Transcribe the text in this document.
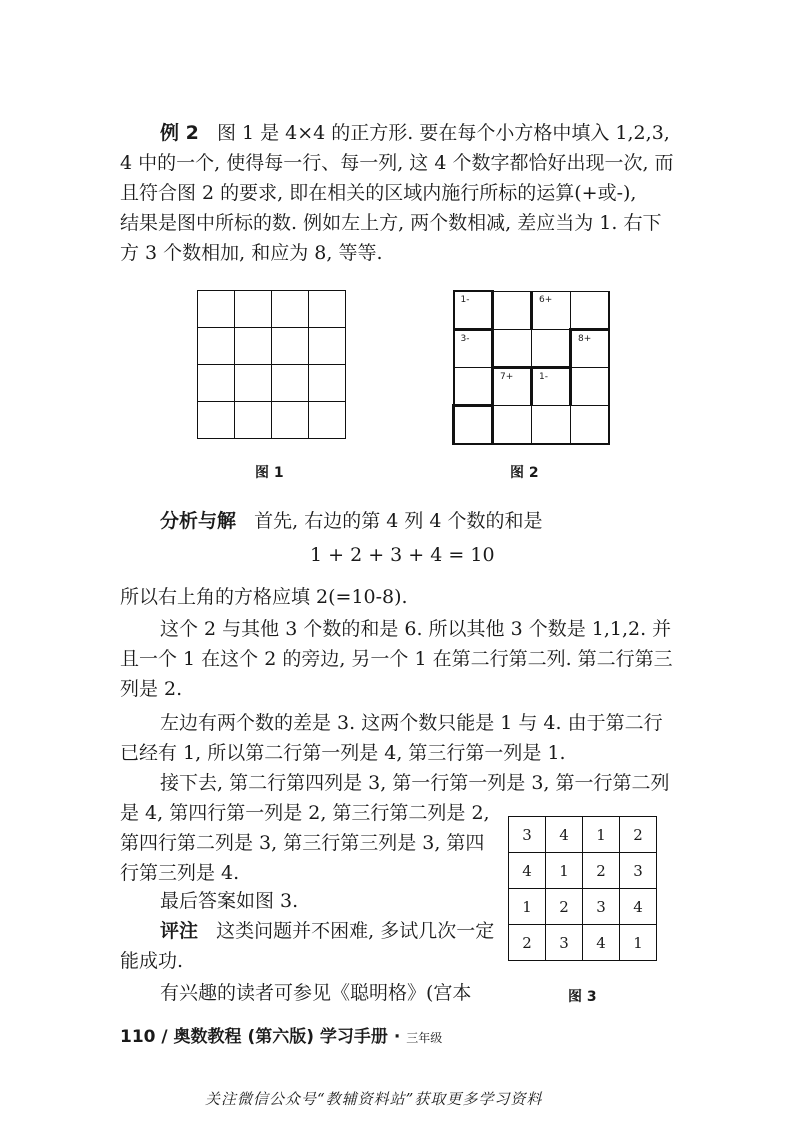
例 2 图 1 是 4×4 的正方形. 要在每个小方格中填入 1,2,3,

4 中的一个, 使得每一行、每一列, 这 4 个数字都恰好出现一次, 而

且符合图 2 的要求, 即在相关的区域内施行所标的运算(+或-),

结果是图中所标的数. 例如左上方, 两个数相减, 差应当为 1. 右下

方 3 个数相加, 和应为 8, 等等.

图 1
1-		6+	

3-			8+

	7+	1-	

图 2

分析与解 首先, 右边的第 4 列 4 个数的和是

1 + 2 + 3 + 4 = 10

所以右上角的方格应填 2(=10-8).

这个 2 与其他 3 个数的和是 6. 所以其他 3 个数是 1,1,2. 并且一个 1 在这个 2 的旁边, 另一个 1 在第二行第二列. 第二行第三列是 2.

左边有两个数的差是 3. 这两个数只能是 1 与 4. 由于第二行已经有 1, 所以第二行第一列是 4, 第三行第一列是 1.

接下去, 第二行第四列是 3, 第一行第一列是 3, 第一行第二列

是 4, 第四行第一列是 2, 第三行第二列是 2, 第四行第二列是 3, 第三行第三列是 3, 第四行第三列是 4.

最后答案如图 3.

评注 这类问题并不困难, 多试几次一定能成功.

有兴趣的读者可参见《聪明格》(宫本

3	4	1	2
4	1	2	3
1	2	3	4
2	3	4	1
图 3
110 / 奥数教程 (第六版) 学习手册 · 三年级
关注微信公众号“教辅资料站”获取更多学习资料
